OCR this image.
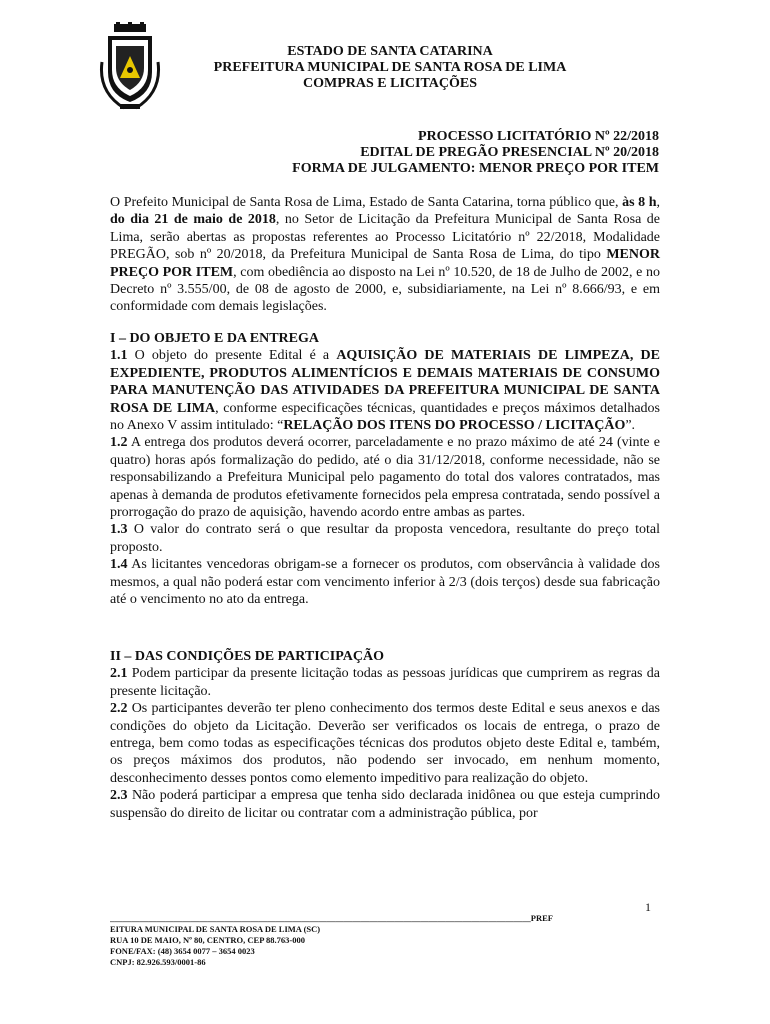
ESTADO DE SANTA CATARINA
PREFEITURA MUNICIPAL DE SANTA ROSA DE LIMA
COMPRAS E LICITAÇÕES
PROCESSO LICITATÓRIO Nº 22/2018
EDITAL DE PREGÃO PRESENCIAL Nº 20/2018
FORMA DE JULGAMENTO: MENOR PREÇO POR ITEM

O Prefeito Municipal de Santa Rosa de Lima, Estado de Santa Catarina, torna público que, às 8 h, do dia 21 de maio de 2018, no Setor de Licitação da Prefeitura Municipal de Santa Rosa de Lima, serão abertas as propostas referentes ao Processo Licitatório nº 22/2018, Modalidade PREGÃO, sob nº 20/2018, da Prefeitura Municipal de Santa Rosa de Lima, do tipo MENOR PREÇO POR ITEM, com obediência ao disposto na Lei nº 10.520, de 18 de Julho de 2002, e no Decreto nº 3.555/00, de 08 de agosto de 2000, e, subsidiariamente, na Lei nº 8.666/93, e em conformidade com demais legislações.

I – DO OBJETO E DA ENTREGA

1.1 O objeto do presente Edital é a AQUISIÇÃO DE MATERIAIS DE LIMPEZA, DE EXPEDIENTE, PRODUTOS ALIMENTÍCIOS E DEMAIS MATERIAIS DE CONSUMO PARA MANUTENÇÃO DAS ATIVIDADES DA PREFEITURA MUNICIPAL DE SANTA ROSA DE LIMA, conforme especificações técnicas, quantidades e preços máximos detalhados no Anexo V assim intitulado: “RELAÇÃO DOS ITENS DO PROCESSO / LICITAÇÃO”.

1.2 A entrega dos produtos deverá ocorrer, parceladamente e no prazo máximo de até 24 (vinte e quatro) horas após formalização do pedido, até o dia 31/12/2018, conforme necessidade, não se responsabilizando a Prefeitura Municipal pelo pagamento do total dos valores contratados, mas apenas à demanda de produtos efetivamente fornecidos pela empresa contratada, sendo possível a prorrogação do prazo de aquisição, havendo acordo entre ambas as partes.

1.3 O valor do contrato será o que resultar da proposta vencedora, resultante do preço total proposto.

1.4 As licitantes vencedoras obrigam-se a fornecer os produtos, com observância à validade dos mesmos, a qual não poderá estar com vencimento inferior à 2/3 (dois terços) desde sua fabricação até o vencimento no ato da entrega.

II – DAS CONDIÇÕES DE PARTICIPAÇÃO

2.1 Podem participar da presente licitação todas as pessoas jurídicas que cumprirem as regras da presente licitação.

2.2 Os participantes deverão ter pleno conhecimento dos termos deste Edital e seus anexos e das condições do objeto da Licitação. Deverão ser verificados os locais de entrega, o prazo de entrega, bem como todas as especificações técnicas dos produtos objeto deste Edital e, também, os preços máximos dos produtos, não podendo ser invocado, em nenhum momento, desconhecimento desses pontos como elemento impeditivo para realização do objeto.

2.3 Não poderá participar a empresa que tenha sido declarada inidônea ou que esteja cumprindo suspensão do direito de licitar ou contratar com a administração pública, por

1
___________________________________________________________________________________________________PREF
EITURA MUNICIPAL DE SANTA ROSA DE LIMA (SC)
RUA 10 DE MAIO, Nº 80, CENTRO, CEP 88.763-000
FONE/FAX: (48) 3654 0077 – 3654 0023
CNPJ: 82.926.593/0001-86
